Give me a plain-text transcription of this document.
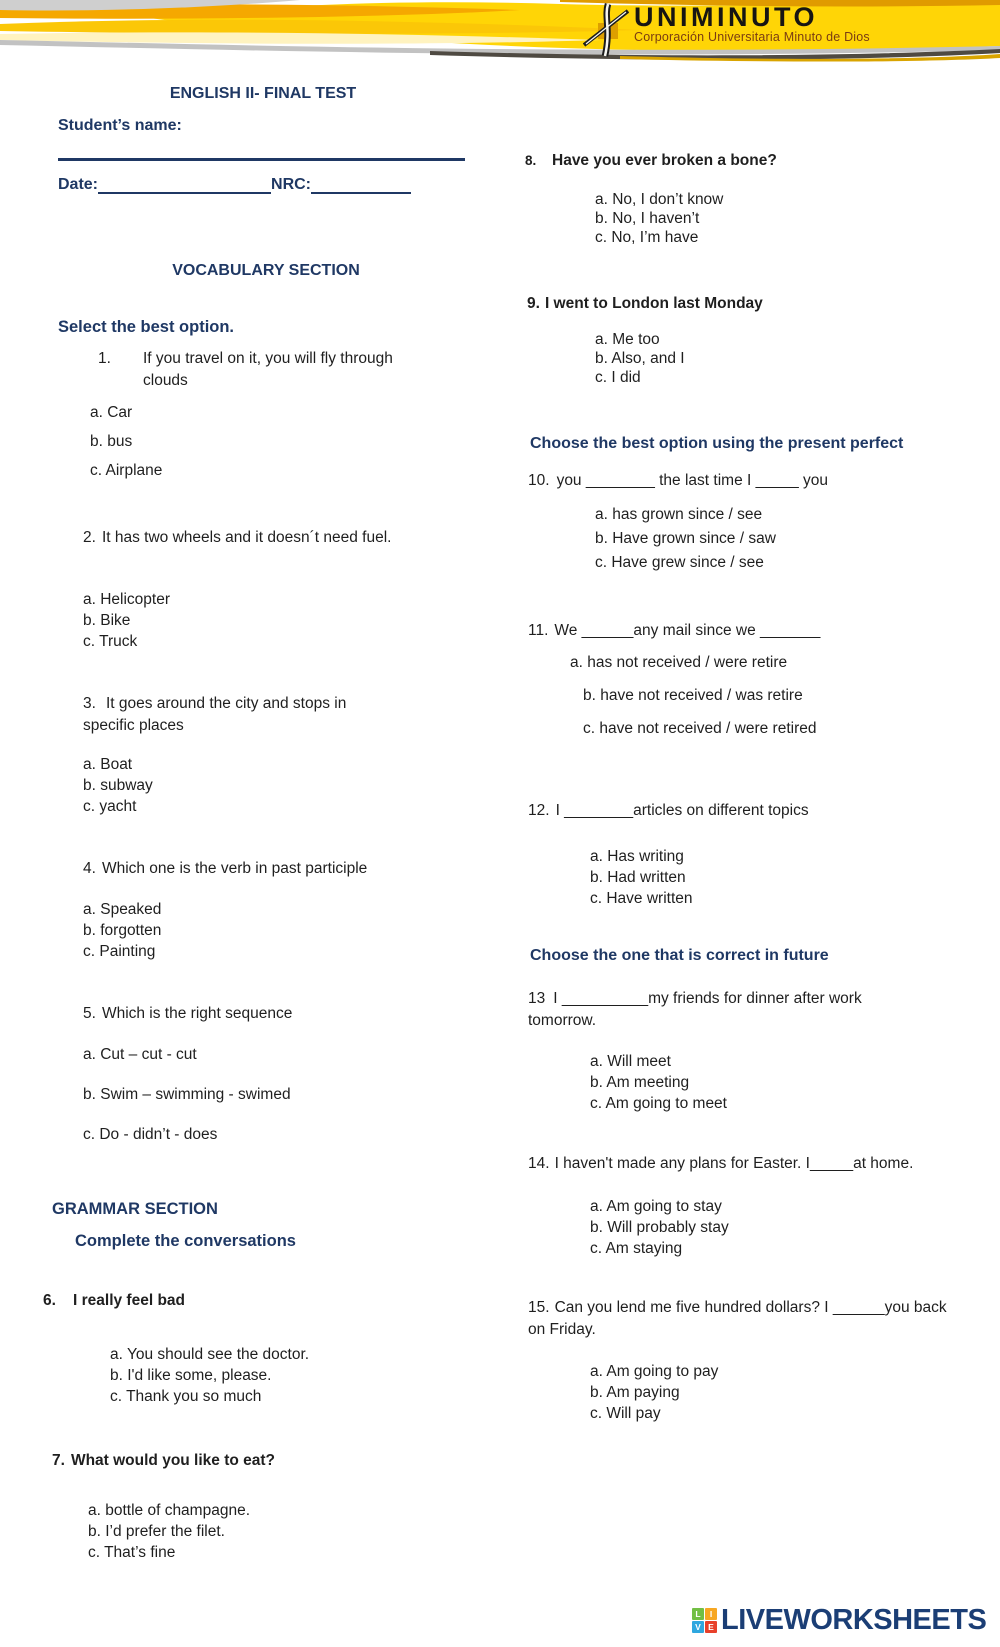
UNIMINUTO
Corporación Universitaria Minuto de Dios
ENGLISH II- FINAL TEST
Student’s name:
Date:	NRC:
VOCABULARY SECTION
Select the best option.
1.	If you travel on it, you will fly through clouds
a. Car
b. bus
c. Airplane
2. It has two wheels and it doesn´t need fuel.
a. Helicopter
b. Bike
c. Truck
3. It goes around the city and stops in specific places
a. Boat
b. subway
c. yacht
4. Which one is the verb in past participle
a. Speaked
b. forgotten
c. Painting
5. Which is the right sequence
a. Cut – cut - cut
b. Swim – swimming - swimed
c. Do - didn’t - does
GRAMMAR SECTION
Complete the conversations
6.	I really feel bad
a. You should see the doctor.
b. I'd like some, please.
c. Thank you so much
7. What would you like to eat?
a. bottle of champagne.
b. I’d prefer the filet.
c. That’s fine
8.	Have you ever broken a bone?
a. No, I don’t know
b. No, I haven’t
c. No, I’m have
9. I went to London last Monday
a. Me too
b. Also, and I
c. I did
Choose the best option using the present perfect
10. you ________ the last time I _____ you
a. has grown since / see
b. Have grown since / saw
c. Have grew since / see
11. We ______any mail since we _______
a. has not received / were retire
b. have not received / was retire
c. have not received / were retired
12. I ________articles on different topics
a. Has writing
b. Had written
c. Have written
Choose the one that is correct in future
13 I __________my friends for dinner after work tomorrow.
a. Will meet
b. Am meeting
c. Am going to meet
14. I haven't made any plans for Easter. I_____at home.
a. Am going to stay
b. Will probably stay
c. Am staying
15. Can you lend me five hundred dollars? I ______you back on Friday.
a. Am going to pay
b. Am paying
c. Will pay
L	I
V E LIVEWORKSHEETS
